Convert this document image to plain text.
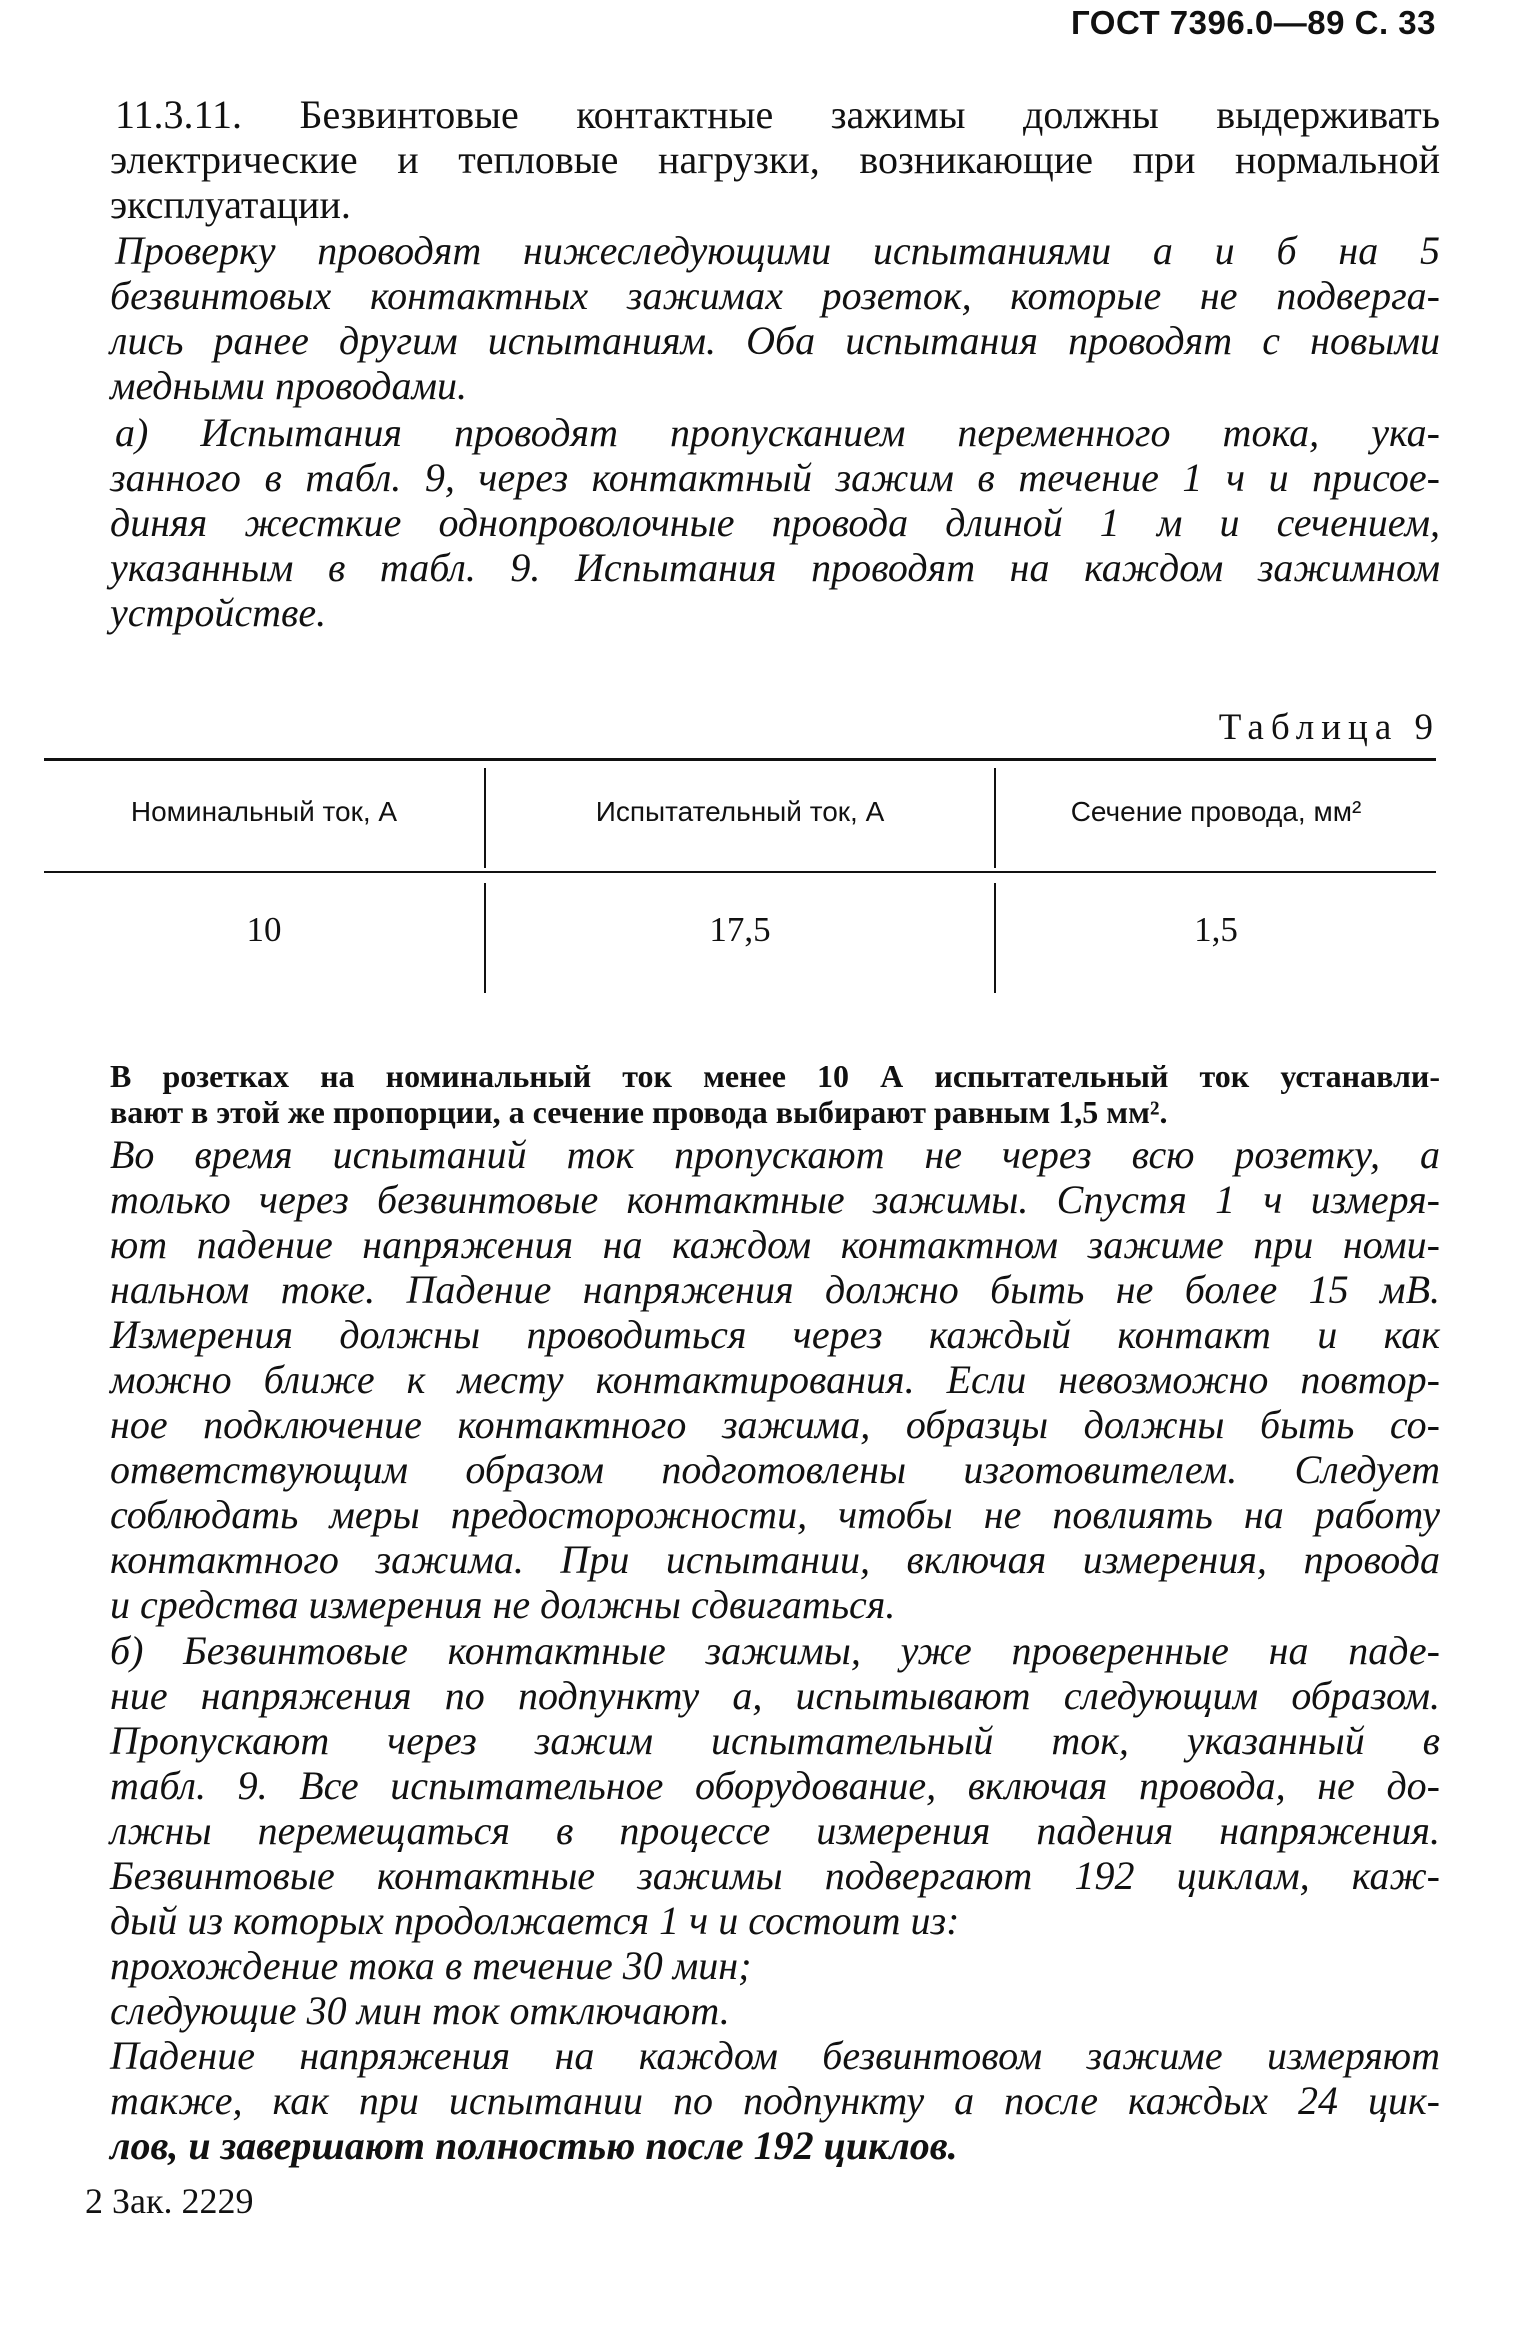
ГОСТ 7396.0—89 С. 33
11.3.11. Безвинтовые контактные зажимы должны выдерживать
электрические и тепловые нагрузки, возникающие при нормальной
эксплуатации.
Проверку проводят нижеследующими испытаниями а и б на 5
безвинтовых контактных зажимах розеток, которые не подверга-
лись ранее другим испытаниям. Оба испытания проводят с новыми
медными проводами.
а) Испытания проводят пропусканием переменного тока, ука-
занного в табл. 9, через контактный зажим в течение 1 ч и присое-
диняя жесткие однопроволочные провода длиной 1 м и сечением,
указанным в табл. 9. Испытания проводят на каждом зажимном
устройстве.
Таблица 9
Номинальный ток, А	Испытательный ток, А	Сечение провода, мм²
10	17,5	1,5
В розетках на номинальный ток менее 10 А испытательный ток устанавли-
вают в этой же пропорции, а сечение провода выбирают равным 1,5 мм².
Во время испытаний ток пропускают не через всю розетку, а
только через безвинтовые контактные зажимы. Спустя 1 ч измеря-
ют падение напряжения на каждом контактном зажиме при номи-
нальном токе. Падение напряжения должно быть не более 15 мВ.
Измерения должны проводиться через каждый контакт и как
можно ближе к месту контактирования. Если невозможно повтор-
ное подключение контактного зажима, образцы должны быть со-
ответствующим образом подготовлены изготовителем. Следует
соблюдать меры предосторожности, чтобы не повлиять на работу
контактного зажима. При испытании, включая измерения, провода
и средства измерения не должны сдвигаться.
б) Безвинтовые контактные зажимы, уже проверенные на паде-
ние напряжения по подпункту а, испытывают следующим образом.
Пропускают через зажим испытательный ток, указанный в
табл. 9. Все испытательное оборудование, включая провода, не до-
лжны перемещаться в процессе измерения падения напряжения.
Безвинтовые контактные зажимы подвергают 192 циклам, каж-
дый из которых продолжается 1 ч и состоит из:
прохождение тока в течение 30 мин;
следующие 30 мин ток отключают.
Падение напряжения на каждом безвинтовом зажиме измеряют
также, как при испытании по подпункту а после каждых 24 цик-
лов, и завершают полностью после 192 циклов.
2 Зак. 2229
